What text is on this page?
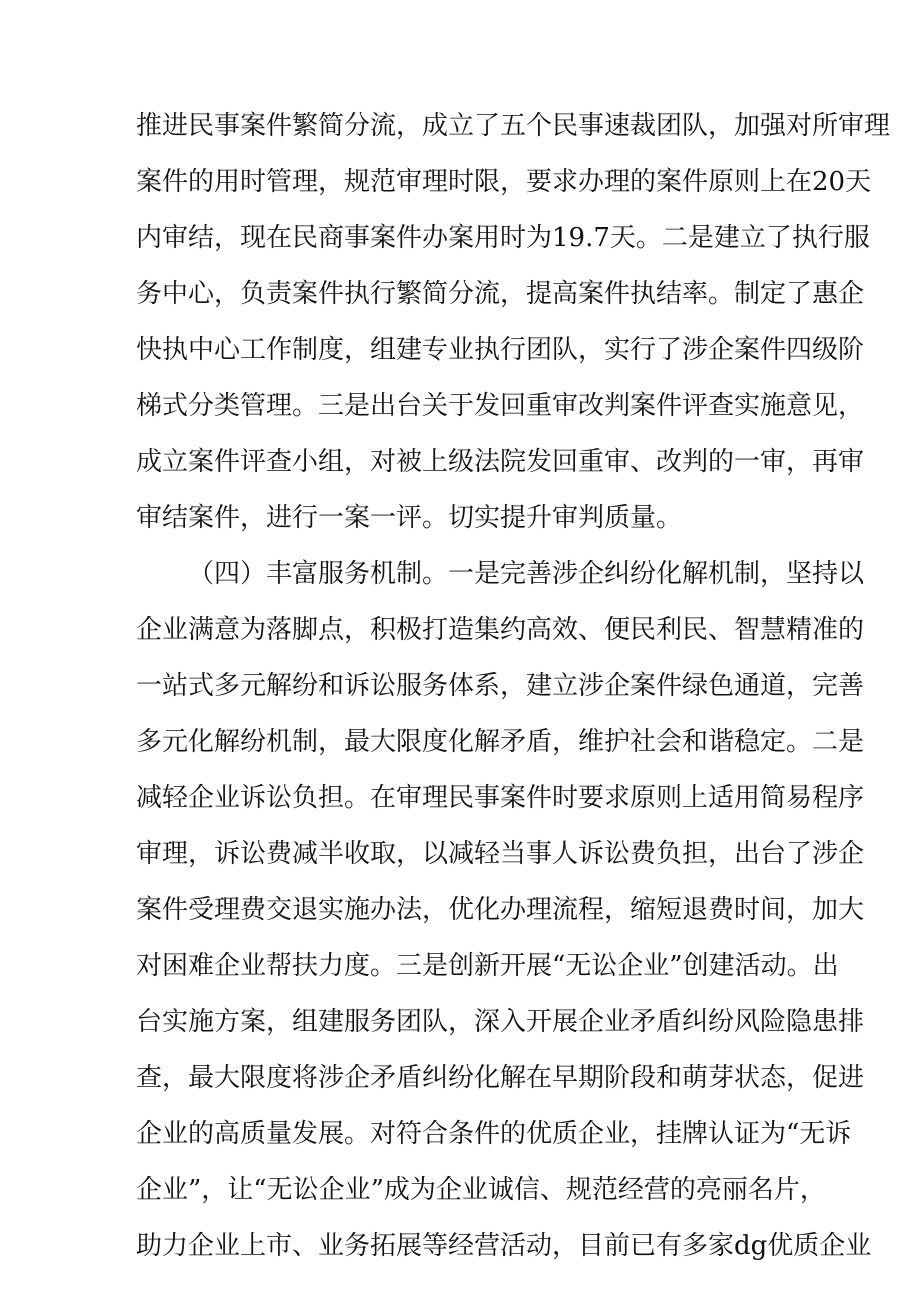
推进民事案件繁简分流，成立了五个民事速裁团队，加强对所审理
案件的用时管理，规范审理时限，要求办理的案件原则上在20天
内审结，现在民商事案件办案用时为19.7天。二是建立了执行服
务中心，负责案件执行繁简分流，提高案件执结率。制定了惠企
快执中心工作制度，组建专业执行团队，实行了涉企案件四级阶
梯式分类管理。三是出台关于发回重审改判案件评查实施意见，
成立案件评查小组，对被上级法院发回重审、改判的一审，再审
审结案件，进行一案一评。切实提升审判质量。
（四）丰富服务机制。一是完善涉企纠纷化解机制，坚持以
企业满意为落脚点，积极打造集约高效、便民利民、智慧精准的
一站式多元解纷和诉讼服务体系，建立涉企案件绿色通道，完善
多元化解纷机制，最大限度化解矛盾，维护社会和谐稳定。二是
减轻企业诉讼负担。在审理民事案件时要求原则上适用简易程序
审理，诉讼费减半收取，以减轻当事人诉讼费负担，出台了涉企
案件受理费交退实施办法，优化办理流程，缩短退费时间，加大
对困难企业帮扶力度。三是创新开展“无讼企业”创建活动。出
台实施方案，组建服务团队，深入开展企业矛盾纠纷风险隐患排
查，最大限度将涉企矛盾纠纷化解在早期阶段和萌芽状态，促进
企业的高质量发展。对符合条件的优质企业，挂牌认证为“无诉
企业”，让“无讼企业”成为企业诚信、规范经营的亮丽名片，
助力企业上市、业务拓展等经营活动，目前已有多家dg优质企业
